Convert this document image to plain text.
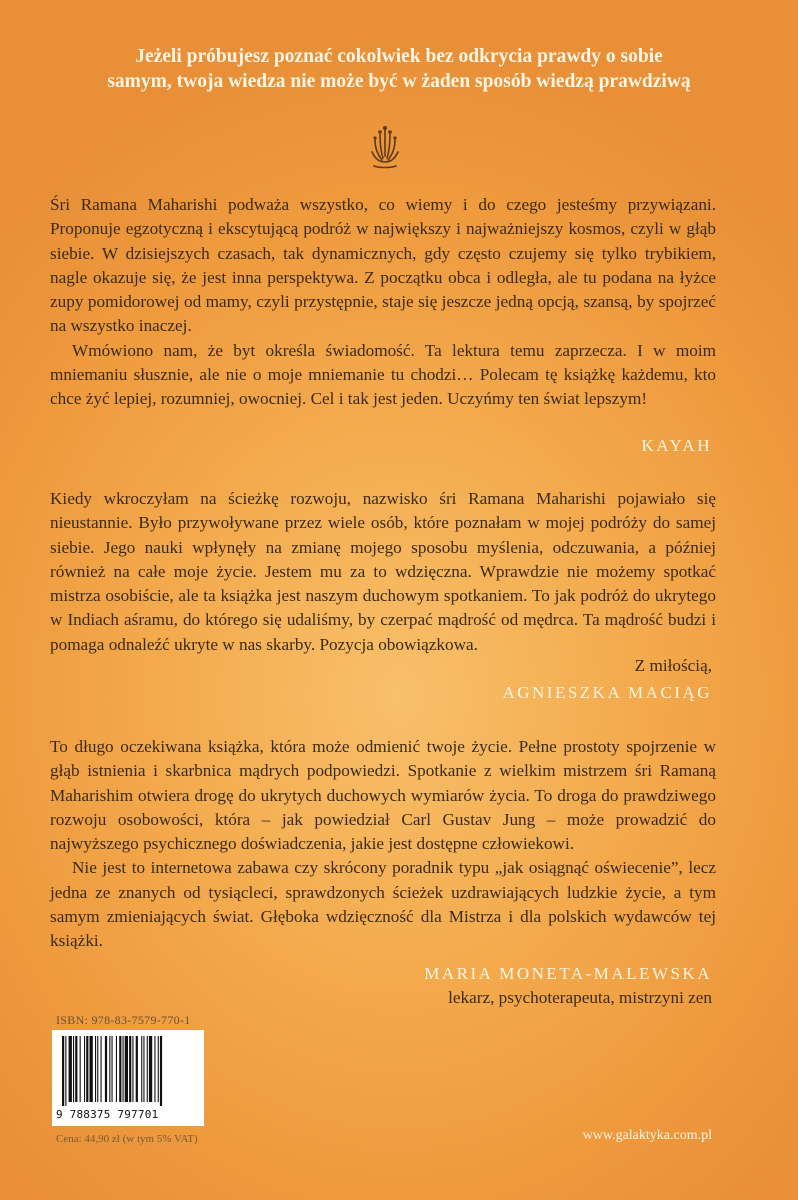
Jeżeli próbujesz poznać cokolwiek bez odkrycia prawdy o sobie
samym, twoja wiedza nie może być w żaden sposób wiedzą prawdziwą

Śri Ramana Maharishi podważa wszystko, co wiemy i do czego jesteśmy przywiązani. Proponuje egzotyczną i ekscytującą podróż w największy i najważniejszy kosmos, czyli w głąb siebie. W dzisiejszych czasach, tak dynamicznych, gdy często czujemy się tylko trybikiem, nagle okazuje się, że jest inna perspektywa. Z początku obca i odległa, ale tu podana na łyżce zupy pomidorowej od mamy, czyli przystępnie, staje się jeszcze jedną opcją, szansą, by spojrzeć na wszystko inaczej.

Wmówiono nam, że byt określa świadomość. Ta lektura temu zaprzecza. I w moim mniemaniu słusznie, ale nie o moje mniemanie tu chodzi… Polecam tę książkę każdemu, kto chce żyć lepiej, rozumniej, owocniej. Cel i tak jest jeden. Uczyńmy ten świat lepszym!

KAYAH

Kiedy wkroczyłam na ścieżkę rozwoju, nazwisko śri Ramana Maharishi pojawiało się nieustannie. Było przywoływane przez wiele osób, które poznałam w mojej podróży do samej siebie. Jego nauki wpłynęły na zmianę mojego sposobu myślenia, odczuwania, a później również na całe moje życie. Jestem mu za to wdzięczna. Wprawdzie nie możemy spotkać mistrza osobiście, ale ta książka jest naszym duchowym spotkaniem. To jak podróż do ukrytego w Indiach aśramu, do którego się udaliśmy, by czerpać mądrość od mędrca. Ta mądrość budzi i pomaga odnaleźć ukryte w nas skarby. Pozycja obowiązkowa.

Z miłością,
AGNIESZKA MACIĄG

To długo oczekiwana książka, która może odmienić twoje życie. Pełne prostoty spojrzenie w głąb istnienia i skarbnica mądrych podpowiedzi. Spotkanie z wielkim mistrzem śri Ramaną Maharishim otwiera drogę do ukrytych duchowych wymiarów życia. To droga do prawdziwego rozwoju osobowości, która – jak powiedział Carl Gustav Jung – może prowadzić do najwyższego psychicznego doświadczenia, jakie jest dostępne człowiekowi.

Nie jest to internetowa zabawa czy skrócony poradnik typu „jak osiągnąć oświecenie”, lecz jedna ze znanych od tysiącleci, sprawdzonych ścieżek uzdrawiających ludzkie życie, a tym samym zmieniających świat. Głęboka wdzięczność dla Mistrza i dla polskich wydawców tej książki.

MARIA MONETA-MALEWSKA
lekarz, psychoterapeuta, mistrzyni zen
ISBN: 978-83-7579-770-1
9 788375 797701
Cena: 44,90 zł (w tym 5% VAT)	www.galaktyka.com.pl
